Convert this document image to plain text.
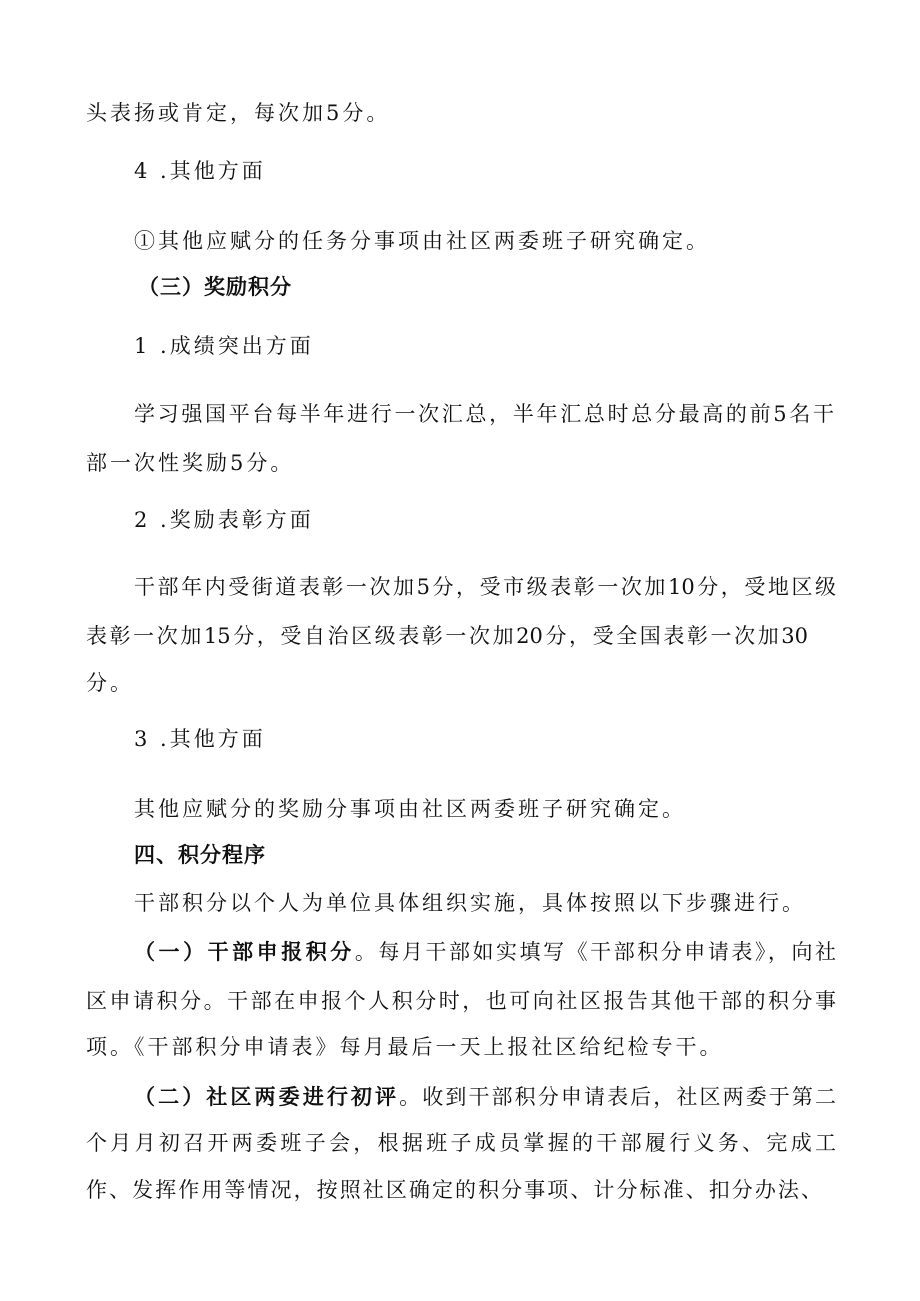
头表扬或肯定，每次加5分。
4 .其他方面
①其他应赋分的任务分事项由社区两委班子研究确定。
（三）奖励积分
1 .成绩突出方面
学习强国平台每半年进行一次汇总，半年汇总时总分最高的前5名干
部一次性奖励5分。
2 .奖励表彰方面
干部年内受街道表彰一次加5分，受市级表彰一次加10分，受地区级
表彰一次加15分，受自治区级表彰一次加20分，受全国表彰一次加30
分。
3 .其他方面
其他应赋分的奖励分事项由社区两委班子研究确定。
四、积分程序
干部积分以个人为单位具体组织实施，具体按照以下步骤进行。
（一）干部申报积分。每月干部如实填写《干部积分申请表》，向社
区申请积分。干部在申报个人积分时，也可向社区报告其他干部的积分事
项。《干部积分申请表》每月最后一天上报社区给纪检专干。
（二）社区两委进行初评。收到干部积分申请表后，社区两委于第二
个月月初召开两委班子会，根据班子成员掌握的干部履行义务、完成工
作、发挥作用等情况，按照社区确定的积分事项、计分标准、扣分办法、
